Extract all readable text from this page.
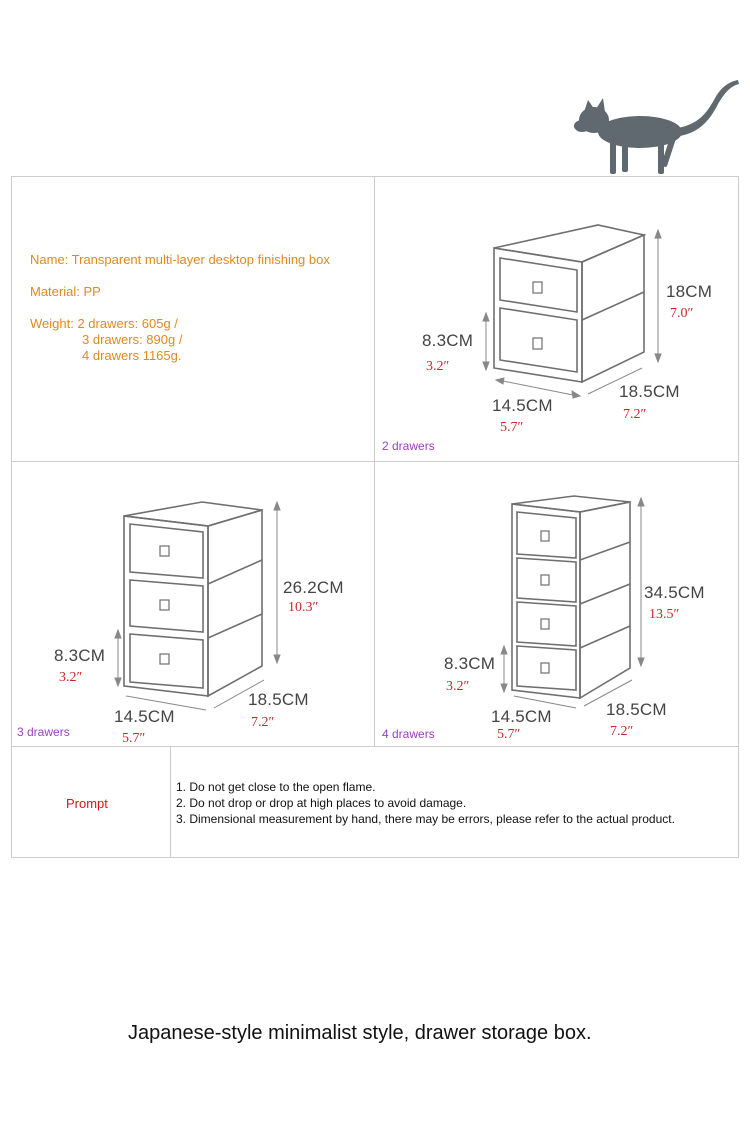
Name: Transparent multi-layer desktop finishing box
Material: PP
Weight: 2 drawers: 605g /
3 drawers: 890g /
4 drawers 1165g.
18CM
7.0″
8.3CM
3.2″
14.5CM
5.7″
18.5CM
7.2″
2 drawers
26.2CM
10.3″
8.3CM
3.2″
14.5CM
5.7″
18.5CM
7.2″
3 drawers
34.5CM
13.5″
8.3CM
3.2″
14.5CM
5.7″
18.5CM
7.2″
4 drawers
Prompt
1. Do not get close to the open flame.
2. Do not drop or drop at high places to avoid damage.
3. Dimensional measurement by hand, there may be errors, please refer to the actual product.
Japanese-style minimalist style, drawer storage box.
